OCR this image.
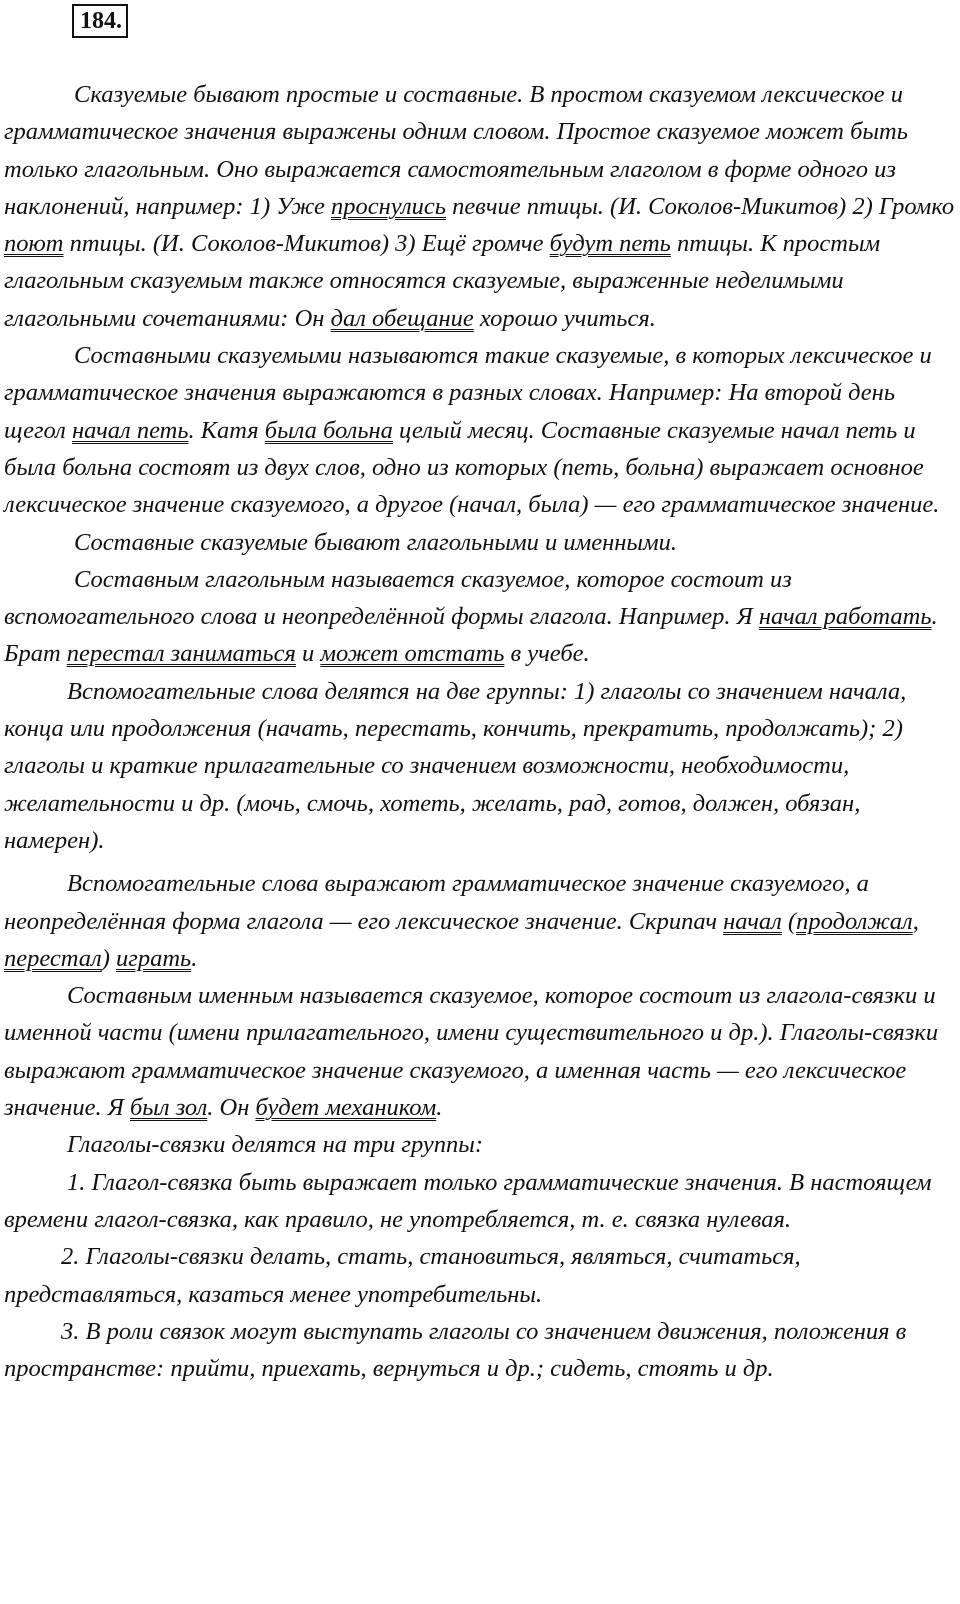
184.

Сказуемые бывают простые и составные. В простом сказуемом лексическое и грамматическое значения выражены одним словом. Простое сказуемое может быть только глагольным. Оно выражается самостоятельным глаголом в форме одного из наклонений, например: 1) Уже проснулись певчие птицы. (И. Соколов-Микитов) 2) Громко поют птицы. (И. Соколов-Микитов) 3) Ещё громче будут петь птицы. К простым глагольным сказуемым также относятся сказуемые, выраженные неделимыми глагольными сочетаниями: Он дал обещание хорошо учиться.

Составными сказуемыми называются такие сказуемые, в которых лексическое и грамматическое значения выражаются в разных словах. Например: На второй день щегол начал петь. Катя была больна целый месяц. Составные сказуемые начал петь и была больна состоят из двух слов, одно из которых (петь, больна) выражает основное лексическое значение сказуемого, а другое (начал, была) — его грамматическое значение.

Составные сказуемые бывают глагольными и именными.

Составным глагольным называется сказуемое, которое состоит из вспомогательного слова и неопределённой формы глагола. Например. Я начал работать. Брат перестал заниматься и может отстать в учебе.

Вспомогательные слова делятся на две группы: 1) глаголы со значением начала, конца или продолжения (начать, перестать, кончить, прекратить, продолжать); 2) глаголы и краткие прилагательные со значением возможности, необходимости, желательности и др. (мочь, смочь, хотеть, желать, рад, готов, должен, обязан, намерен).

Вспомогательные слова выражают грамматическое значение сказуемого, а неопределённая форма глагола — его лексическое значение. Скрипач начал (продолжал, перестал) играть.

Составным именным называется сказуемое, которое состоит из глагола-связки и именной части (имени прилагательного, имени существительного и др.). Глаголы-связки выражают грамматическое значение сказуемого, а именная часть — его лексическое значение. Я был зол. Он будет механиком.

Глаголы-связки делятся на три группы:

1. Глагол-связка быть выражает только грамматические значения. В настоящем времени глагол-связка, как правило, не употребляется, т. е. связка нулевая.

2. Глаголы-связки делать, стать, становиться, являться, считаться, представляться, казаться менее употребительны.

3. В роли связок могут выступать глаголы со значением движения, положения в пространстве: прийти, приехать, вернуться и др.; сидеть, стоять и др.
